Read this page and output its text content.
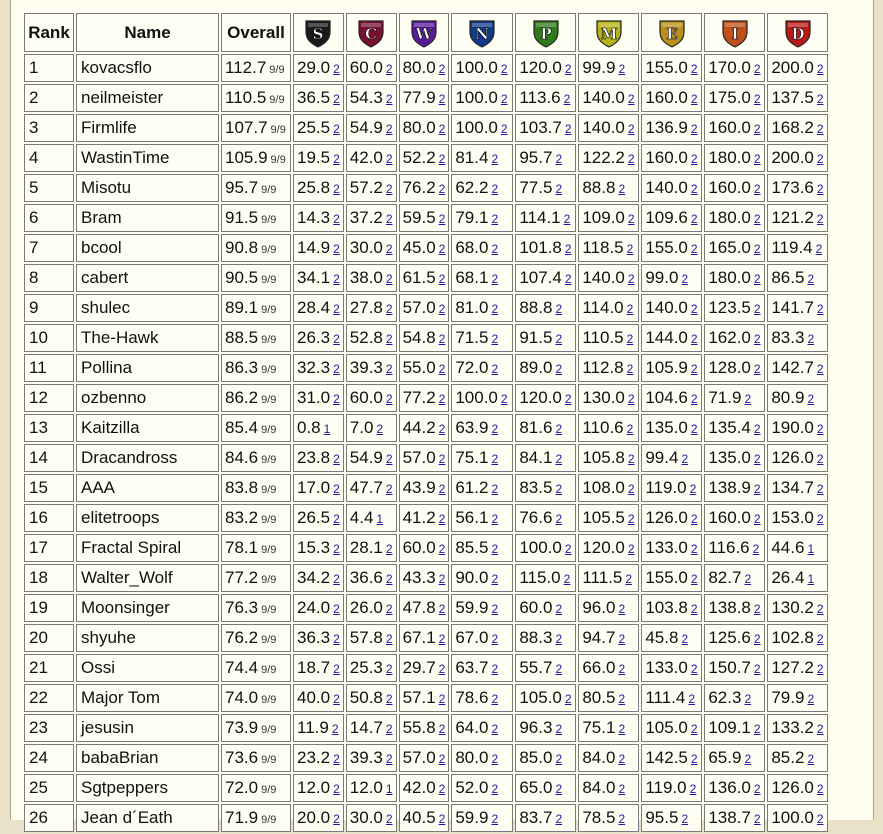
Rank	Name	Overall	S	C	W	N	P	M	E	I	D

1	kovacsflo	112.7 9/9	29.0 2	60.0 2	80.0 2	100.0 2	120.0 2	99.9 2	155.0 2	170.0 2	200.0 2
2	neilmeister	110.5 9/9	36.5 2	54.3 2	77.9 2	100.0 2	113.6 2	140.0 2	160.0 2	175.0 2	137.5 2
3	Firmlife	107.7 9/9	25.5 2	54.9 2	80.0 2	100.0 2	103.7 2	140.0 2	136.9 2	160.0 2	168.2 2
4	WastinTime	105.9 9/9	19.5 2	42.0 2	52.2 2	81.4 2	95.7 2	122.2 2	160.0 2	180.0 2	200.0 2
5	Misotu	95.7 9/9	25.8 2	57.2 2	76.2 2	62.2 2	77.5 2	88.8 2	140.0 2	160.0 2	173.6 2
6	Bram	91.5 9/9	14.3 2	37.2 2	59.5 2	79.1 2	114.1 2	109.0 2	109.6 2	180.0 2	121.2 2
7	bcool	90.8 9/9	14.9 2	30.0 2	45.0 2	68.0 2	101.8 2	118.5 2	155.0 2	165.0 2	119.4 2
8	cabert	90.5 9/9	34.1 2	38.0 2	61.5 2	68.1 2	107.4 2	140.0 2	99.0 2	180.0 2	86.5 2
9	shulec	89.1 9/9	28.4 2	27.8 2	57.0 2	81.0 2	88.8 2	114.0 2	140.0 2	123.5 2	141.7 2
10	The-Hawk	88.5 9/9	26.3 2	52.8 2	54.8 2	71.5 2	91.5 2	110.5 2	144.0 2	162.0 2	83.3 2
11	Pollina	86.3 9/9	32.3 2	39.3 2	55.0 2	72.0 2	89.0 2	112.8 2	105.9 2	128.0 2	142.7 2
12	ozbenno	86.2 9/9	31.0 2	60.0 2	77.2 2	100.0 2	120.0 2	130.0 2	104.6 2	71.9 2	80.9 2
13	Kaitzilla	85.4 9/9	0.8 1	7.0 2	44.2 2	63.9 2	81.6 2	110.6 2	135.0 2	135.4 2	190.0 2
14	Dracandross	84.6 9/9	23.8 2	54.9 2	57.0 2	75.1 2	84.1 2	105.8 2	99.4 2	135.0 2	126.0 2
15	AAA	83.8 9/9	17.0 2	47.7 2	43.9 2	61.2 2	83.5 2	108.0 2	119.0 2	138.9 2	134.7 2
16	elitetroops	83.2 9/9	26.5 2	4.4 1	41.2 2	56.1 2	76.6 2	105.5 2	126.0 2	160.0 2	153.0 2
17	Fractal Spiral	78.1 9/9	15.3 2	28.1 2	60.0 2	85.5 2	100.0 2	120.0 2	133.0 2	116.6 2	44.6 1
18	Walter_Wolf	77.2 9/9	34.2 2	36.6 2	43.3 2	90.0 2	115.0 2	111.5 2	155.0 2	82.7 2	26.4 1
19	Moonsinger	76.3 9/9	24.0 2	26.0 2	47.8 2	59.9 2	60.0 2	96.0 2	103.8 2	138.8 2	130.2 2
20	shyuhe	76.2 9/9	36.3 2	57.8 2	67.1 2	67.0 2	88.3 2	94.7 2	45.8 2	125.6 2	102.8 2
21	Ossi	74.4 9/9	18.7 2	25.3 2	29.7 2	63.7 2	55.7 2	66.0 2	133.0 2	150.7 2	127.2 2
22	Major Tom	74.0 9/9	40.0 2	50.8 2	57.1 2	78.6 2	105.0 2	80.5 2	111.4 2	62.3 2	79.9 2
23	jesusin	73.9 9/9	11.9 2	14.7 2	55.8 2	64.0 2	96.3 2	75.1 2	105.0 2	109.1 2	133.2 2
24	babaBrian	73.6 9/9	23.2 2	39.3 2	57.0 2	80.0 2	85.0 2	84.0 2	142.5 2	65.9 2	85.2 2
25	Sgtpeppers	72.0 9/9	12.0 2	12.0 1	42.0 2	52.0 2	65.0 2	84.0 2	119.0 2	136.0 2	126.0 2
26	Jean d´Eath	71.9 9/9	20.0 2	30.0 2	40.5 2	59.9 2	83.7 2	78.5 2	95.5 2	138.7 2	100.0 2
